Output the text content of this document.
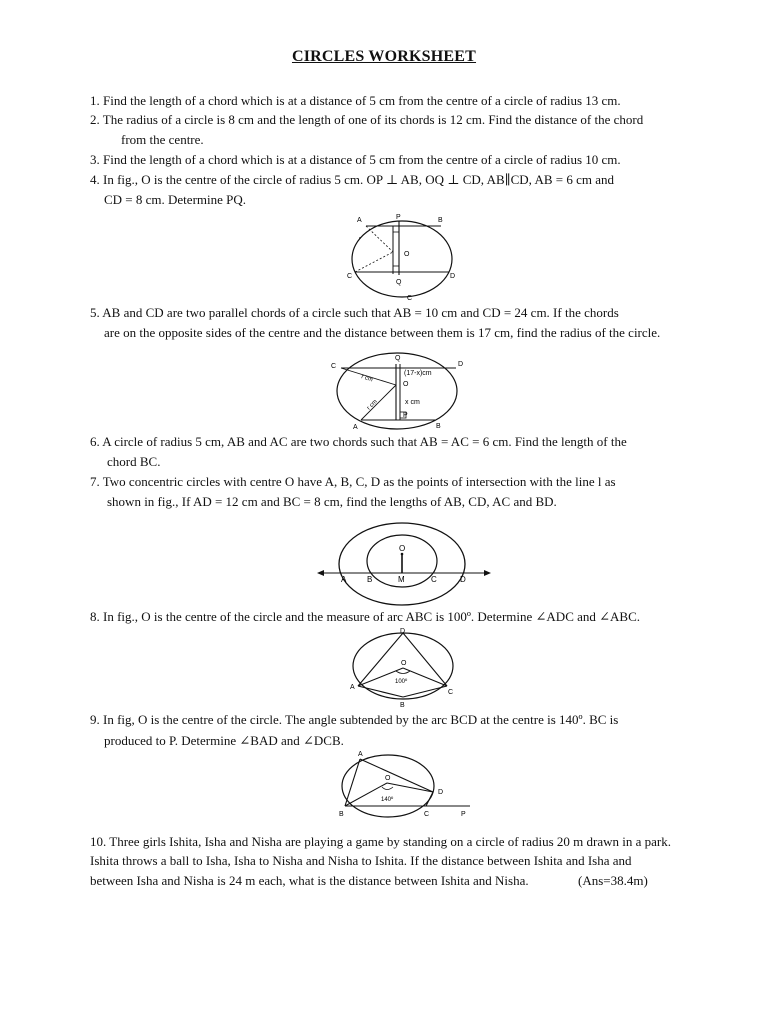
CIRCLES WORKSHEET
1. Find the length of a chord which is at a distance of 5 cm from the centre of a circle of radius 13 cm.
2. The radius of a circle is 8 cm and the length of one of its chords is 12 cm. Find the distance of the chord
from the centre.
3. Find the length of a chord which is at a distance of 5 cm from the centre of a circle of radius 10 cm.
4. In fig., O is the centre of the circle of radius 5 cm. OP ⊥ AB, OQ ⊥ CD, AB∥CD, AB = 6 cm and
CD = 8 cm. Determine PQ.
A	P	B
O
C
Q
D
C
5. AB and CD are two parallel chords of a circle such that AB = 10 cm and CD = 24 cm. If the chords
are on the opposite sides of the centre and the distance between them is 17 cm, find the radius of the circle.
C
Q
D
O
A
P
B
(17-x)cm
x cm
r cm
r cm
6. A circle of radius 5 cm, AB and AC are two chords such that AB = AC = 6 cm. Find the length of the
chord BC.
7. Two concentric circles with centre O have A, B, C, D as the points of intersection with the line l as
shown in fig., If AD = 12 cm and BC = 8 cm, find the lengths of AB, CD, AC and BD.
O
A	B	M	C	D
8. In fig., O is the centre of the circle and the measure of arc ABC is 100º. Determine ∠ADC and ∠ABC.
D
O
A
C
B
100º
9. In fig, O is the centre of the circle. The angle subtended by the arc BCD at the centre is 140º. BC is
produced to P. Determine ∠BAD and ∠DCB.
A
O
D
B	C	P
140º
10. Three girls Ishita, Isha and Nisha are playing a game by standing on a circle of radius 20 m drawn in a park.
Ishita throws a ball to Isha, Isha to Nisha and Nisha to Ishita. If the distance between Ishita and Isha and
between Isha and Nisha is 24 m each, what is the distance between Ishita and Nisha.	(Ans=38.4m)
